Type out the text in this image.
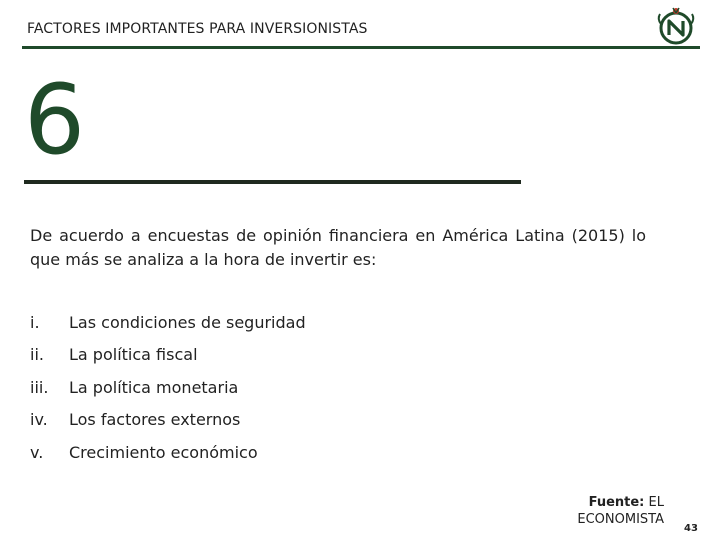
FACTORES IMPORTANTES PARA INVERSIONISTAS
6
De acuerdo a encuestas de opinión financiera en América Latina (2015) lo que más se analiza a la hora de invertir es:
i.	Las condiciones de seguridad
ii.	La política fiscal
iii.	La política monetaria
iv.	Los factores externos
v.	Crecimiento económico
Fuente: EL
ECONOMISTA
43
